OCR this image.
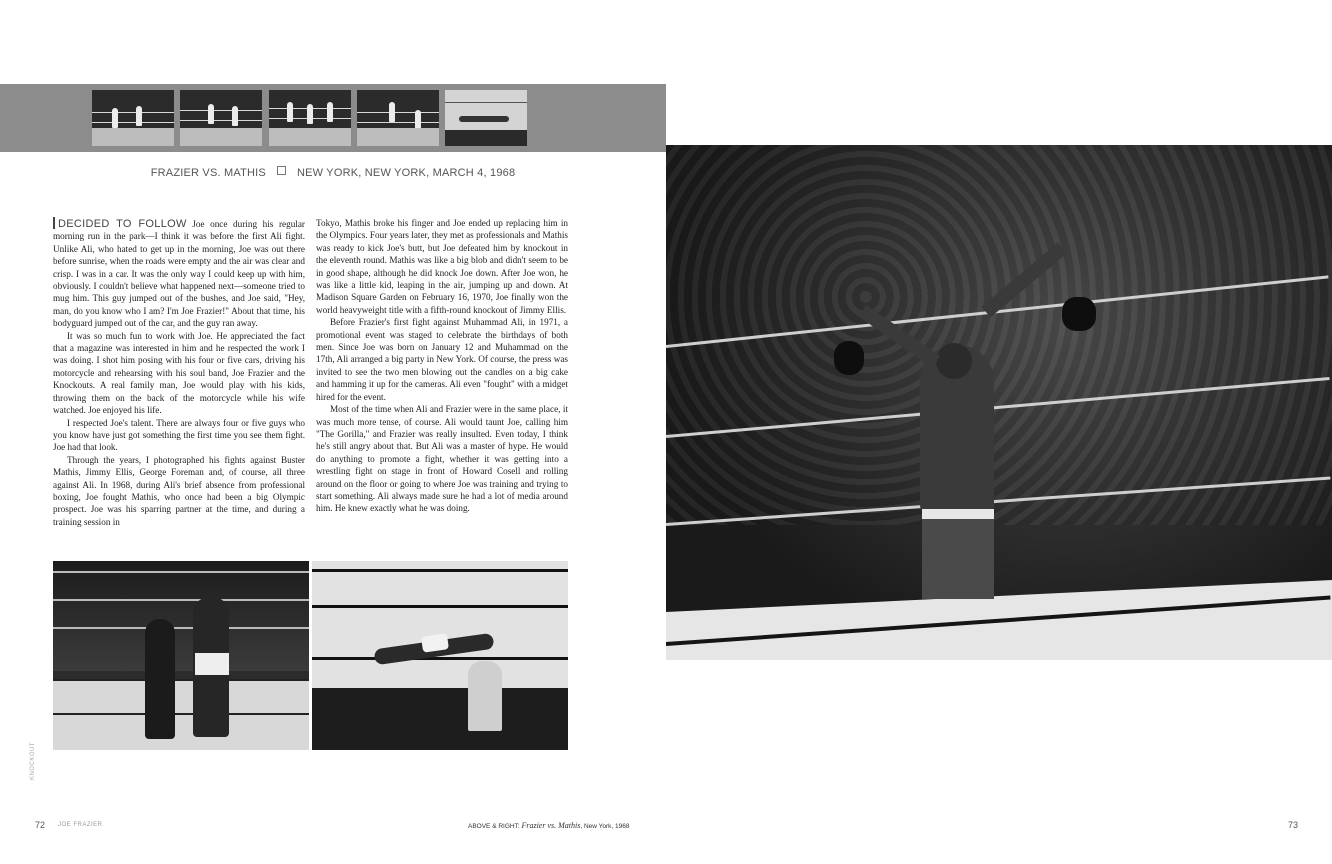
FRAZIER VS. MATHIS	NEW YORK, NEW YORK, MARCH 4, 1968

DECIDED TO FOLLOW Joe once during his regular morning run in the park—I think it was before the first Ali fight. Unlike Ali, who hated to get up in the morning, Joe was out there before sunrise, when the roads were empty and the air was clear and crisp. I was in a car. It was the only way I could keep up with him, obviously. I couldn't believe what happened next—someone tried to mug him. This guy jumped out of the bushes, and Joe said, "Hey, man, do you know who I am? I'm Joe Frazier!" About that time, his bodyguard jumped out of the car, and the guy ran away.

It was so much fun to work with Joe. He appreciated the fact that a magazine was interested in him and he respected the work I was doing. I shot him posing with his four or five cars, driving his motorcycle and rehearsing with his soul band, Joe Frazier and the Knockouts. A real family man, Joe would play with his kids, throwing them on the back of the motorcycle while his wife watched. Joe enjoyed his life.

I respected Joe's talent. There are always four or five guys who you know have just got something the first time you see them fight. Joe had that look.

Through the years, I photographed his fights against Buster Mathis, Jimmy Ellis, George Foreman and, of course, all three against Ali. In 1968, during Ali's brief absence from professional boxing, Joe fought Mathis, who once had been a big Olympic prospect. Joe was his sparring partner at the time, and during a training session in

Tokyo, Mathis broke his finger and Joe ended up replacing him in the Olympics. Four years later, they met as professionals and Mathis was ready to kick Joe's butt, but Joe defeated him by knockout in the eleventh round. Mathis was like a big blob and didn't seem to be in good shape, although he did knock Joe down. After Joe won, he was like a little kid, leaping in the air, jumping up and down. At Madison Square Garden on February 16, 1970, Joe finally won the world heavyweight title with a fifth-round knockout of Jimmy Ellis.

Before Frazier's first fight against Muhammad Ali, in 1971, a promotional event was staged to celebrate the birthdays of both men. Since Joe was born on January 12 and Muhammad on the 17th, Ali arranged a big party in New York. Of course, the press was invited to see the two men blowing out the candles on a big cake and hamming it up for the cameras. Ali even "fought" with a midget hired for the event.

Most of the time when Ali and Frazier were in the same place, it was much more tense, of course. Ali would taunt Joe, calling him "The Gorilla," and Frazier was really insulted. Even today, I think he's still angry about that. But Ali was a master of hype. He would do anything to promote a fight, whether it was getting into a wrestling fight on stage in front of Howard Cosell and rolling around on the floor or going to where Joe was training and trying to start something. Ali always made sure he had a lot of media around him. He knew exactly what he was doing.

KNOCKOUT
72 JOE FRAZIER	ABOVE & RIGHT: Frazier vs. Mathis, New York, 1968	73
